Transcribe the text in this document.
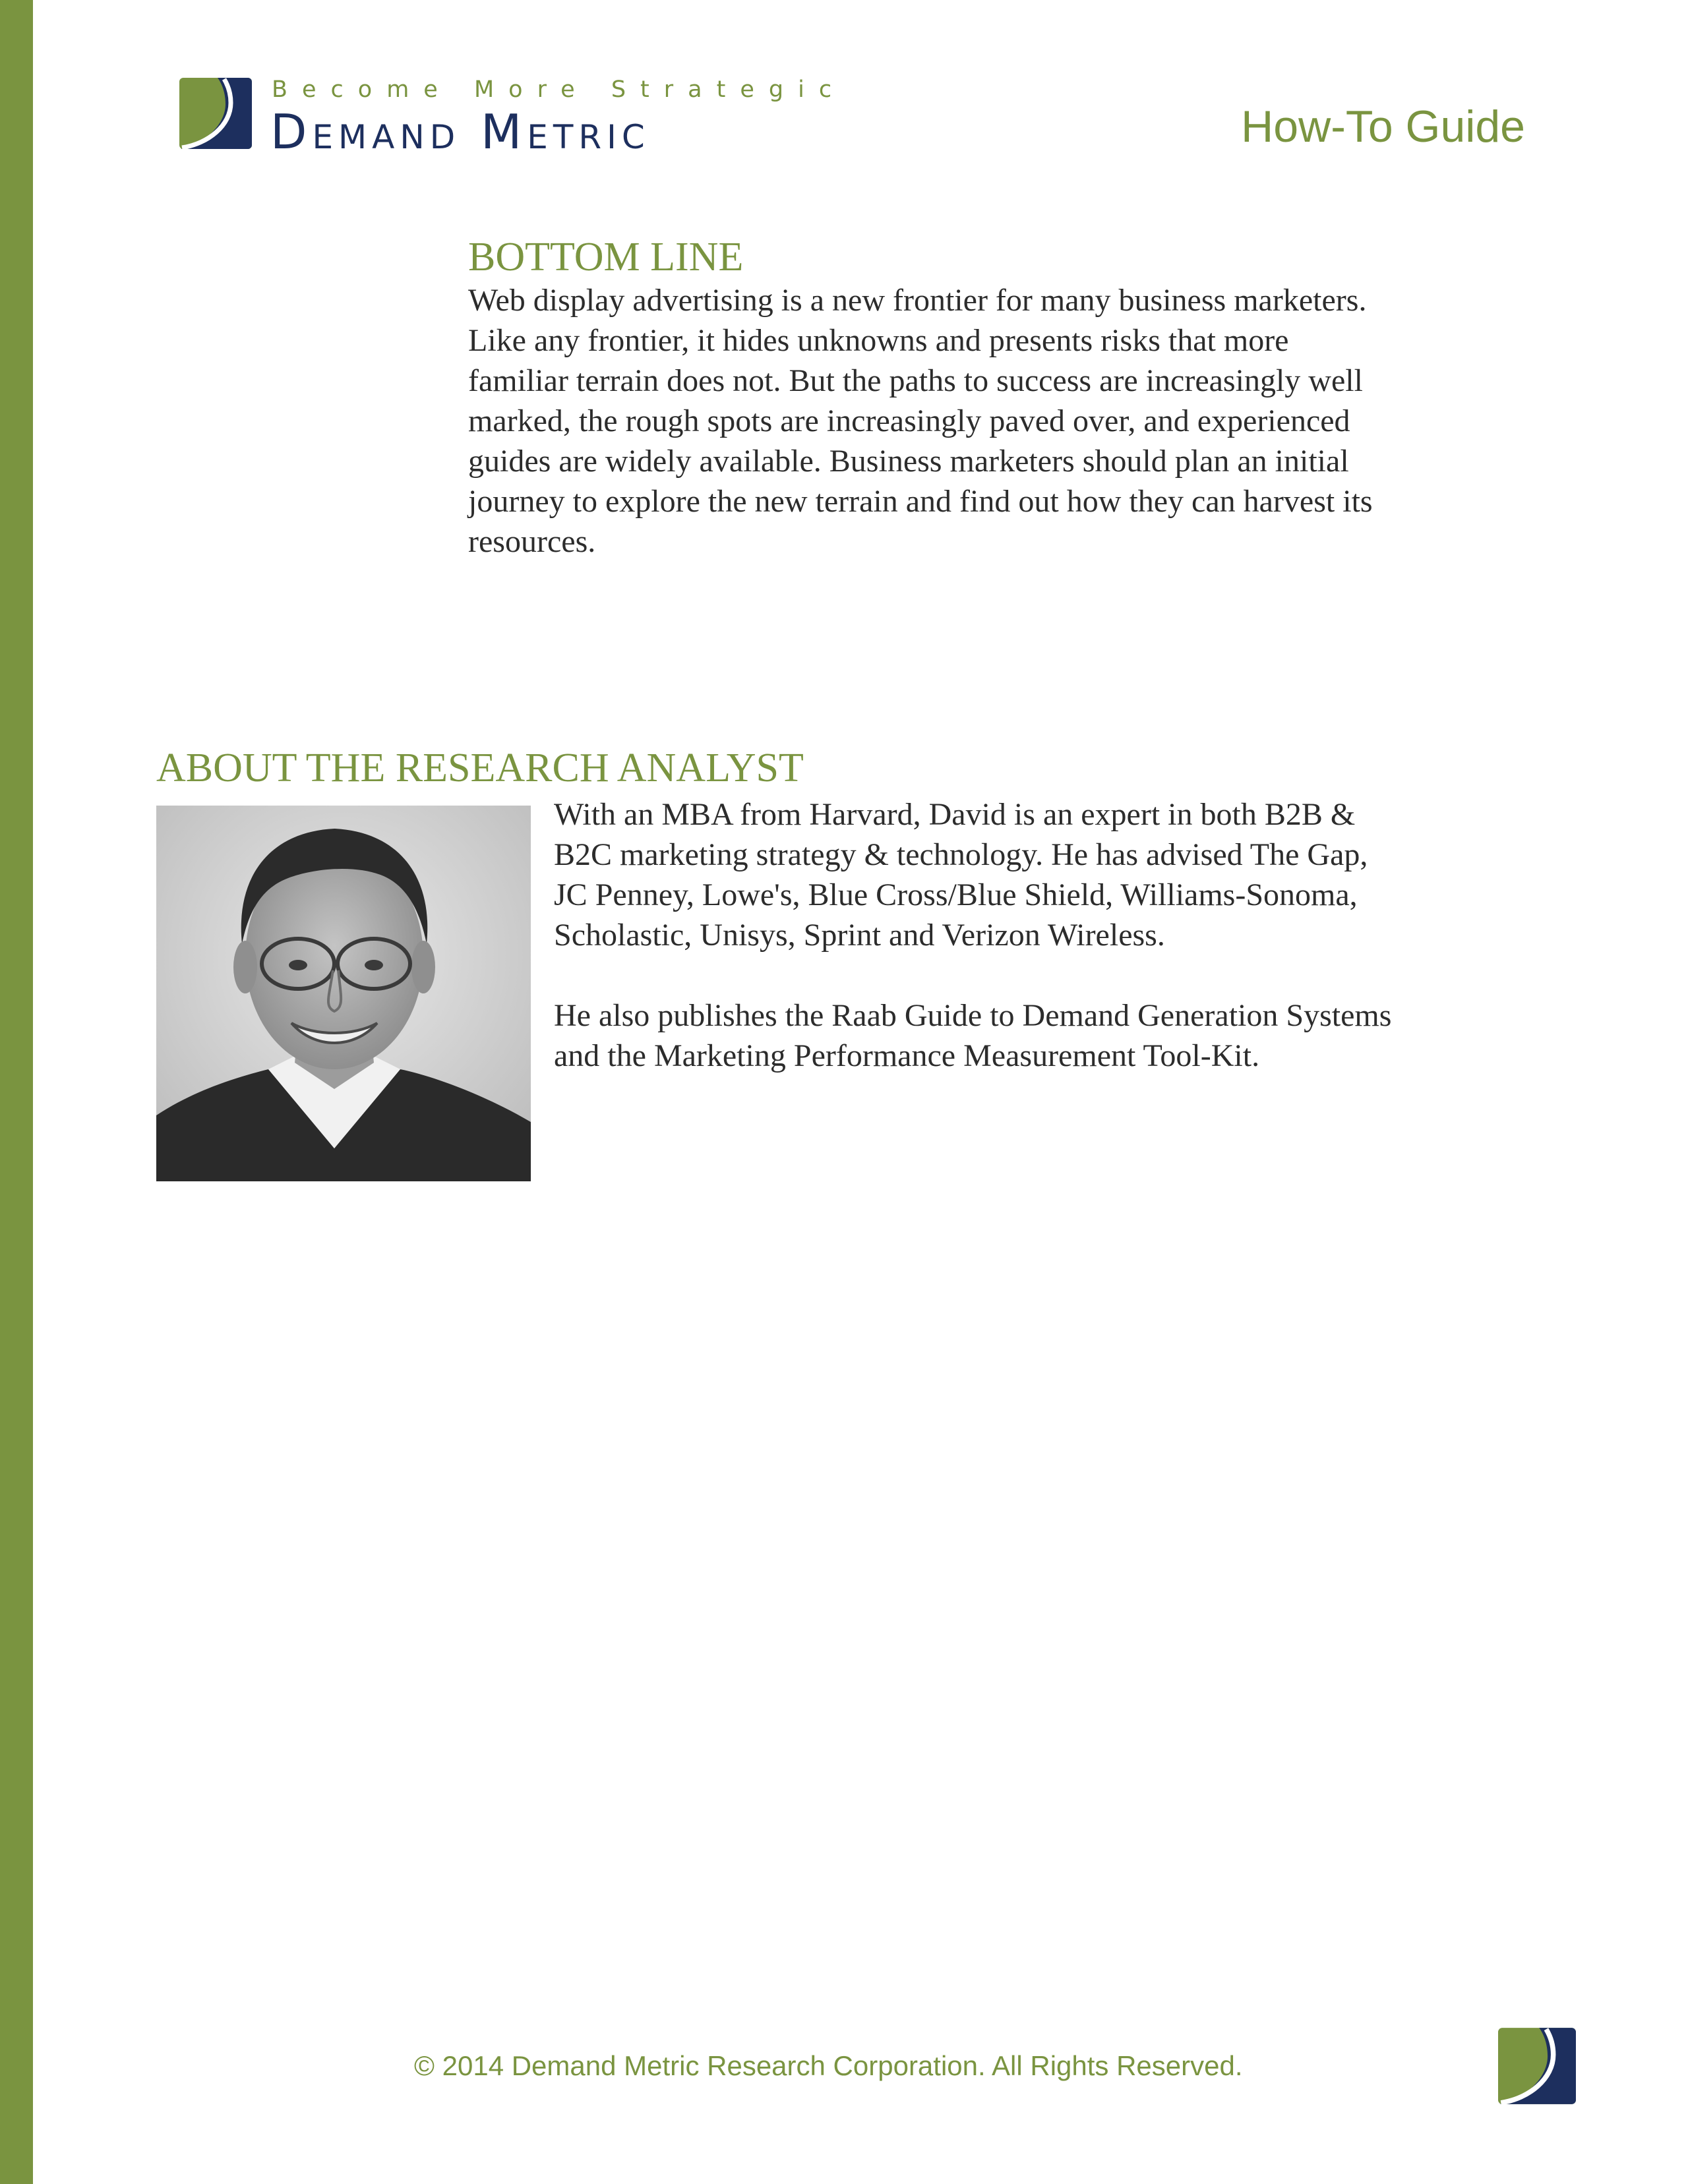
Become More Strategic
Demand Metric	How-To Guide
BOTTOM LINE
Web display advertising is a new frontier for many business marketers.
Like any frontier, it hides unknowns and presents risks that more
familiar terrain does not. But the paths to success are increasingly well
marked, the rough spots are increasingly paved over, and experienced
guides are widely available. Business marketers should plan an initial
journey to explore the new terrain and find out how they can harvest its
resources.
ABOUT THE RESEARCH ANALYST
With an MBA from Harvard, David is an expert in both B2B &
B2C marketing strategy & technology. He has advised The Gap,
JC Penney, Lowe's, Blue Cross/Blue Shield, Williams-Sonoma,
Scholastic, Unisys, Sprint and Verizon Wireless.
He also publishes the Raab Guide to Demand Generation Systems
and the Marketing Performance Measurement Tool-Kit.
© 2014 Demand Metric Research Corporation. All Rights Reserved.
